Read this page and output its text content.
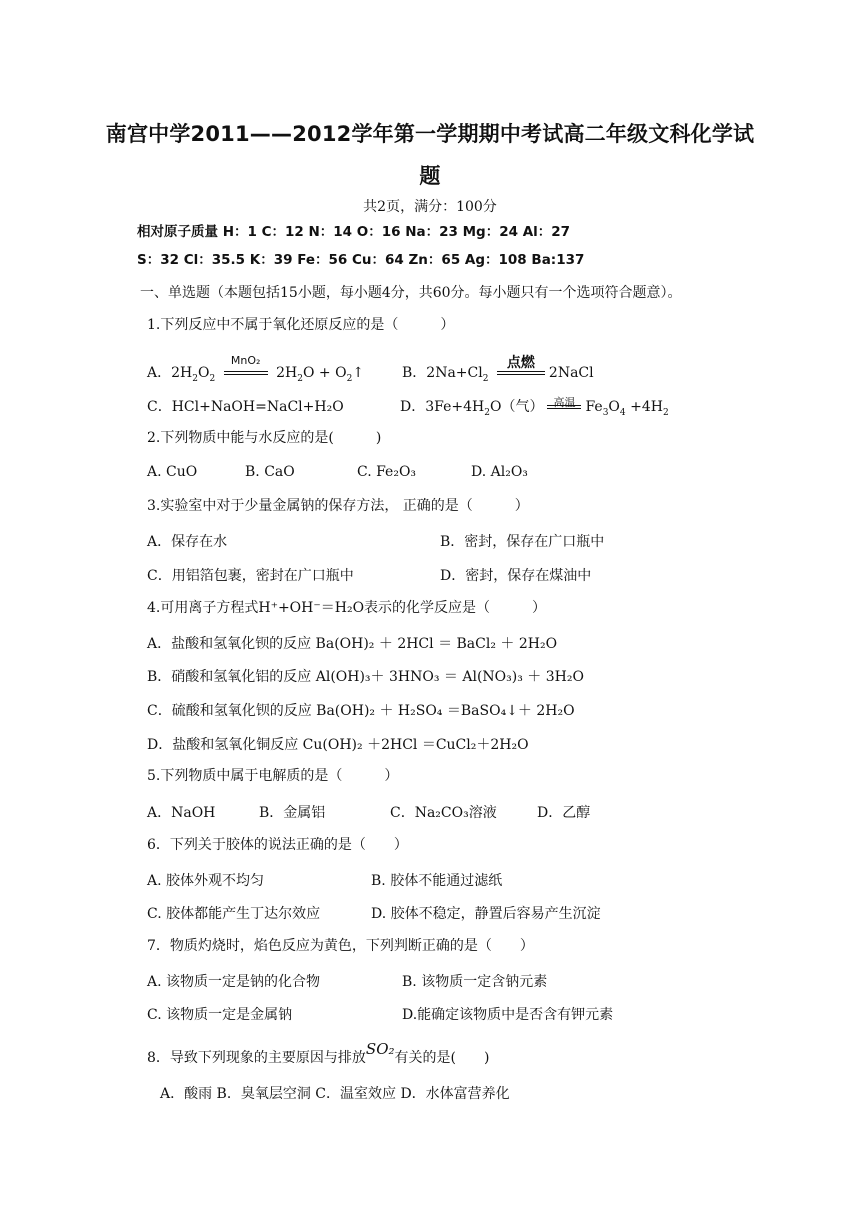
南宫中学2011——2012学年第一学期期中考试高二年级文科化学试
题
共2页，满分：100分
相对原子质量 H：1 C：12 N：14 O：16 Na：23 Mg：24 Al：27
S：32 Cl：35.5 K：39 Fe：56 Cu：64 Zn：65 Ag：108 Ba:137
一、单选题（本题包括15小题，每小题4分，共60分。每小题只有一个选项符合题意）。
1.下列反应中不属于氧化还原反应的是（　　　）
A．$2H_2O_2$
MnO₂
$2H_2O$ + $O_2↑$	B．$2Na+Cl_2$
点燃
2NaCl
C．HCl+NaOH=NaCl+H₂O	D．$3Fe+4H_2O$（气） 高温 $Fe_3O_4 +4H_2$
2.下列物质中能与水反应的是(　　　)
A. CuO	B. CaO	C. Fe₂O₃	D. Al₂O₃
3.实验室中对于少量金属钠的保存方法， 正确的是（　　　）
A．保存在水	B．密封，保存在广口瓶中
C．用铝箔包裹，密封在广口瓶中	D．密封，保存在煤油中
4.可用离子方程式H⁺+OH⁻＝H₂O表示的化学反应是（　　　）
A．盐酸和氢氧化钡的反应 Ba(OH)₂ ＋ 2HCl ＝ BaCl₂ ＋ 2H₂O
B．硝酸和氢氧化铝的反应 Al(OH)₃＋ 3HNO₃ ＝ Al(NO₃)₃ ＋ 3H₂O
C．硫酸和氢氧化钡的反应 Ba(OH)₂ ＋ H₂SO₄ ＝BaSO₄↓＋ 2H₂O
D．盐酸和氢氧化铜反应 Cu(OH)₂ ＋2HCl ＝CuCl₂＋2H₂O
5.下列物质中属于电解质的是（　　　）
A．NaOH	B．金属铝	C．Na₂CO₃溶液	D．乙醇
6．下列关于胶体的说法正确的是（　　）
A. 胶体外观不均匀	B. 胶体不能通过滤纸
C. 胶体都能产生丁达尔效应	D. 胶体不稳定，静置后容易产生沉淀
7．物质灼烧时，焰色反应为黄色，下列判断正确的是（　　）
A. 该物质一定是钠的化合物	B. 该物质一定含钠元素
C. 该物质一定是金属钠	D.能确定该物质中是否含有钾元素
8．导致下列现象的主要原因与排放SO₂有关的是(　　)
A．酸雨 B．臭氧层空洞 C．温室效应 D．水体富营养化
